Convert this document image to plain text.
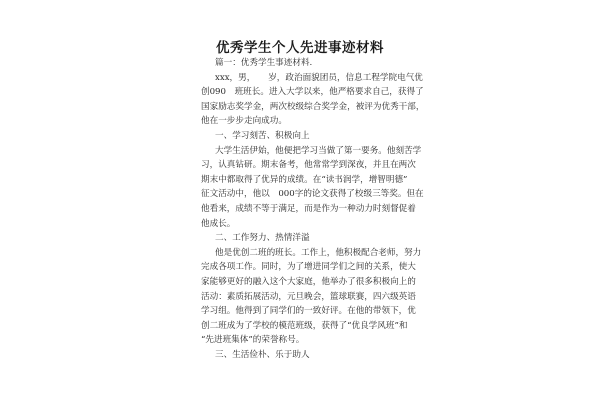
优秀学生个人先进事迹材料
篇一：优秀学生事迹材料.
xxx，男，　　岁，政治面貌团员，信息工程学院电气优
创090　班班长。进入大学以来，他严格要求自己，获得了
国家励志奖学金，两次校级综合奖学金，被评为优秀干部，
他在一步步走向成功。
一、学习刻苦、积极向上
大学生活伊始，他便把学习当做了第一要务。他刻苦学
习，认真钻研。期末备考，他常常学到深夜，并且在两次
期末中都取得了优异的成绩。在“读书润学，增智明德”
征文活动中，他以　000字的论文获得了校级三等奖。但在
他看来，成绩不等于满足，而是作为一种动力时刻督促着
他成长。
二、工作努力、热情洋溢
他是优创二班的班长。工作上，他积极配合老师，努力
完成各项工作。同时，为了增进同学们之间的关系，使大
家能够更好的融入这个大家庭，他举办了很多积极向上的
活动：素质拓展活动，元旦晚会，篮球联赛，四六级英语
学习组。他得到了同学们的一致好评。在他的带领下，优
创二班成为了学校的模范班级，获得了“优良学风班”和
“先进班集体”的荣誉称号。
三、生活俭朴、乐于助人
